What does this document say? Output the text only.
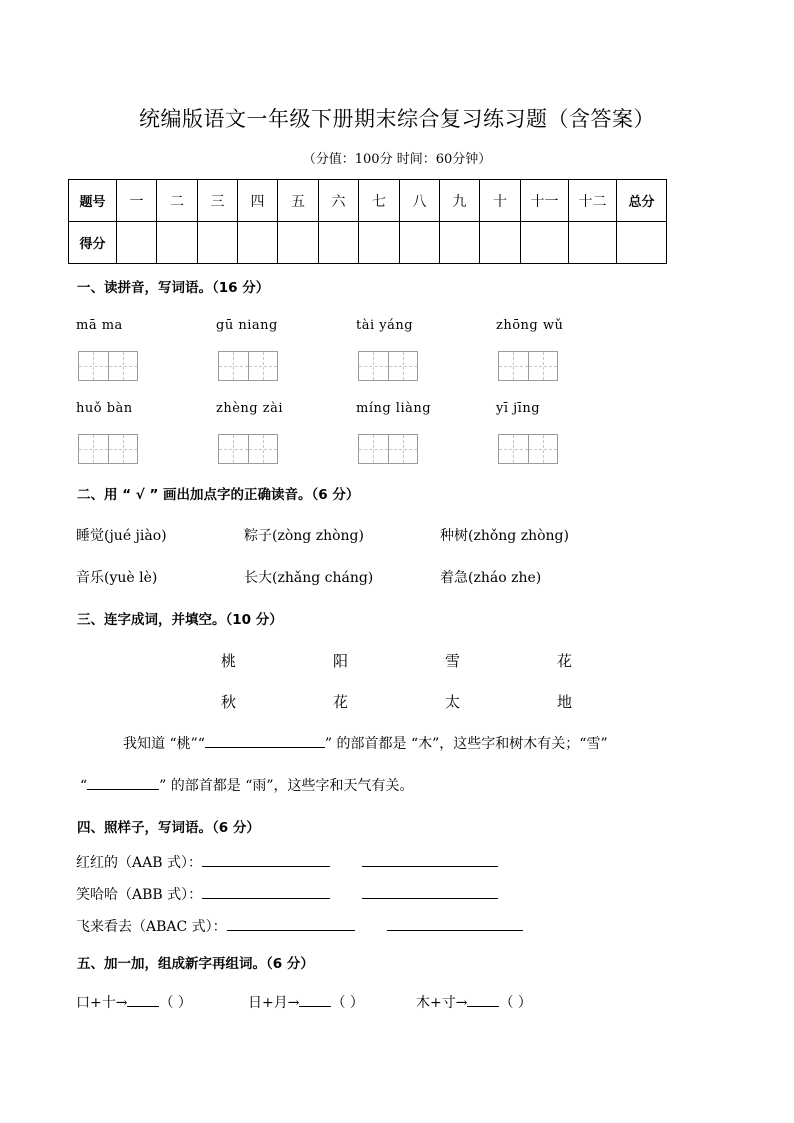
统编版语文一年级下册期末综合复习练习题（含答案）
（分值：100分 时间：60分钟）
题号	一	二	三	四	五	六	七	八	九	十	十一	十二	总分
得分													
一、读拼音，写词语。（16 分）
mā ma	gū niang	tài yáng	zhōng wǔ
huǒ bàn	zhèng zài	míng liàng	yī jīng
二、用 “ √ ” 画出加点字的正确读音。（6 分）
睡觉(jué jiào)	粽子(zòng zhòng)	种树(zhǒng zhòng)
音乐(yuè lè)	长大(zhǎng cháng)	着急(zháo zhe)
三、连字成词，并填空。（10 分）
桃	阳	雪	花
秋	花	太	地
我知道 “桃”“	” 的部首都是 “木”，这些字和树木有关；“雪”
“	” 的部首都是 “雨”，这些字和天气有关。
四、照样子，写词语。（6 分）
红红的（AAB 式）：
笑哈哈（ABB 式）：
飞来看去（ABAC 式）：
五、加一加，组成新字再组词。（6 分）
口+十→ （ ）	日+月→ （ ）	木+寸→ （ ）
